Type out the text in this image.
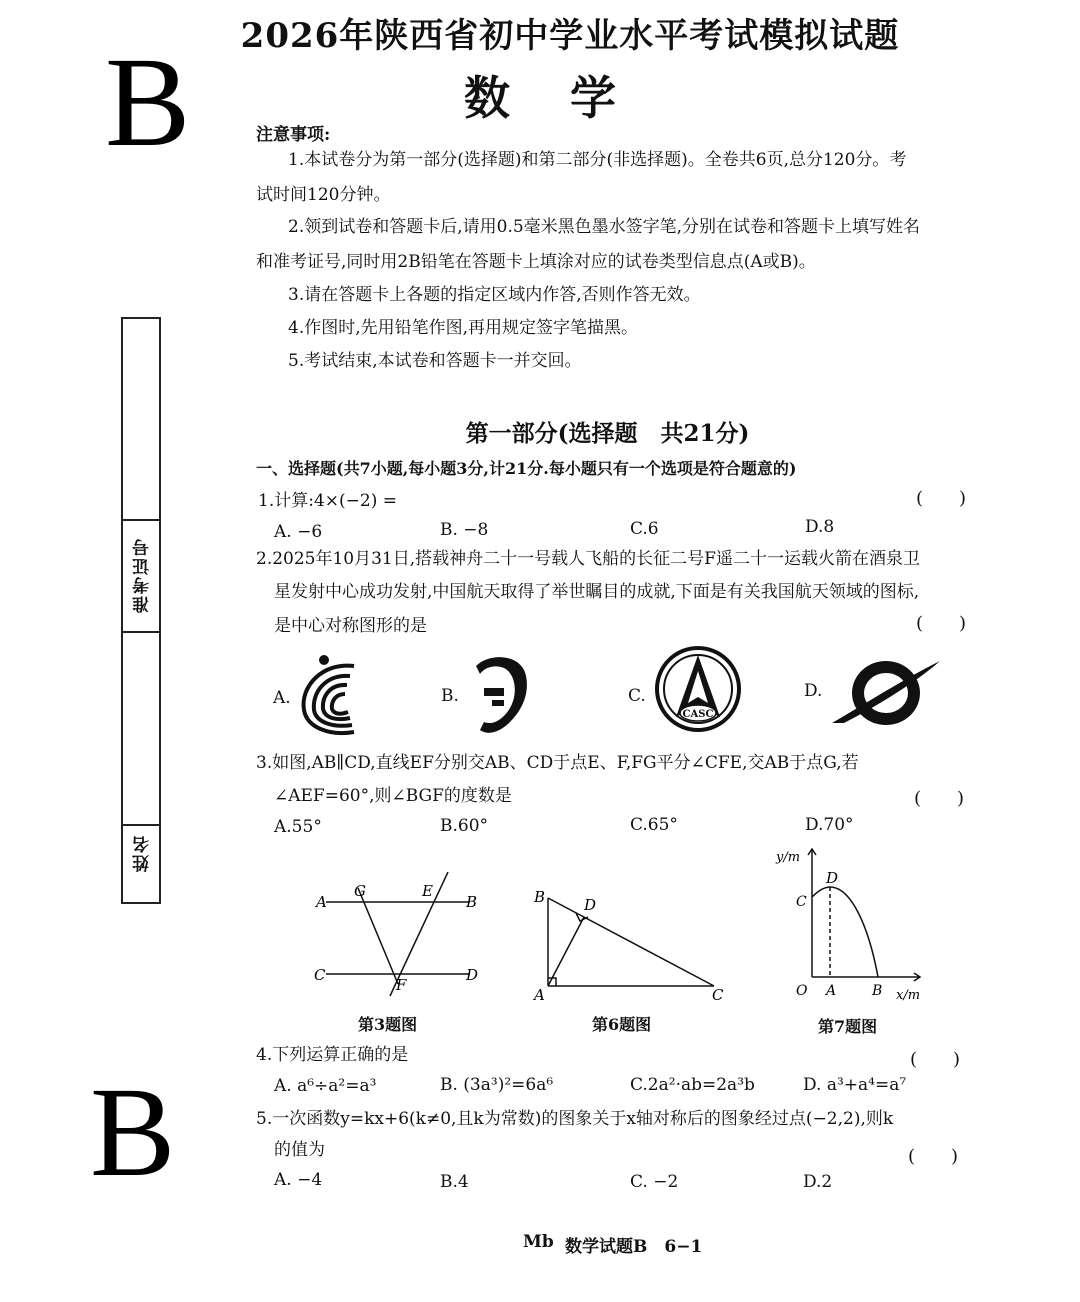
B
B
2026年陕西省初中学业水平考试模拟试题
数学
注意事项:
1.本试卷分为第一部分(选择题)和第二部分(非选择题)。全卷共6页,总分120分。考
试时间120分钟。
2.领到试卷和答题卡后,请用0.5毫米黑色墨水签字笔,分别在试卷和答题卡上填写姓名
和准考证号,同时用2B铅笔在答题卡上填涂对应的试卷类型信息点(A或B)。
3.请在答题卡上各题的指定区域内作答,否则作答无效。
4.作图时,先用铅笔作图,再用规定签字笔描黑。
5.考试结束,本试卷和答题卡一并交回。
准考证号
姓名
第一部分(选择题　共21分)
一、选择题(共7小题,每小题3分,计21分.每小题只有一个选项是符合题意的)
1.计算:4×(−2) =	(　　)
A. −6	B. −8	C.6	D.8
2.2025年10月31日,搭载神舟二十一号载人飞船的长征二号F遥二十一运载火箭在酒泉卫
星发射中心成功发射,中国航天取得了举世瞩目的成就,下面是有关我国航天领域的图标,
是中心对称图形的是	(　　)
A.	B.	C.	D.
CASC
3.如图,AB∥CD,直线EF分别交AB、CD于点E、F,FG平分∠CFE,交AB于点G,若
∠AEF=60°,则∠BGF的度数是	(　　)
A.55°	B.60°	C.65°	D.70°
A
G	E
B
C
F
D
第3题图
B	D
A	C
第6题图
y/m
D
C
O A	B x/m
第7题图
4.下列运算正确的是	(　　)
A. a⁶÷a²=a³	B. (3a³)²=6a⁶	C.2a²·ab=2a³b	D. a³+a⁴=a⁷
5.一次函数y=kx+6(k≠0,且k为常数)的图象关于x轴对称后的图象经过点(−2,2),则k
的值为	(　　)
A. −4	B.4	C. −2	D.2
Mb 数学试题B　6−1
